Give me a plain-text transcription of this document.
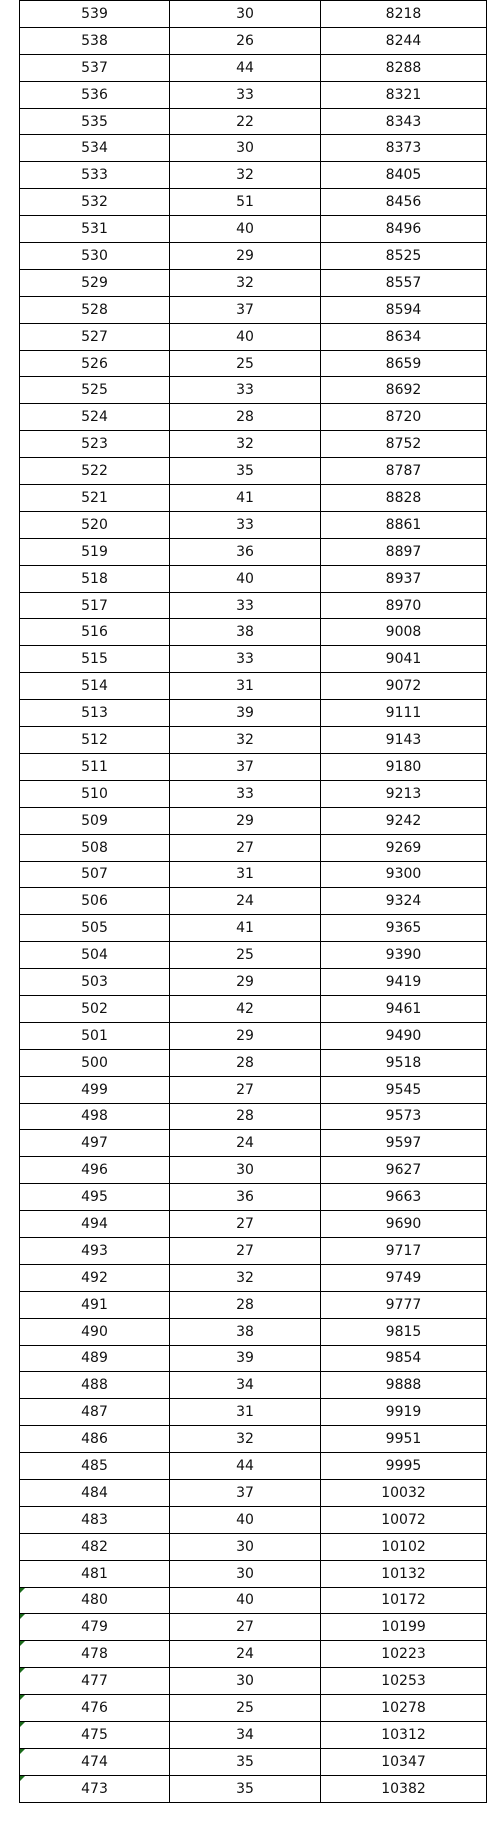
539	30	8218
538	26	8244
537	44	8288
536	33	8321
535	22	8343
534	30	8373
533	32	8405
532	51	8456
531	40	8496
530	29	8525
529	32	8557
528	37	8594
527	40	8634
526	25	8659
525	33	8692
524	28	8720
523	32	8752
522	35	8787
521	41	8828
520	33	8861
519	36	8897
518	40	8937
517	33	8970
516	38	9008
515	33	9041
514	31	9072
513	39	9111
512	32	9143
511	37	9180
510	33	9213
509	29	9242
508	27	9269
507	31	9300
506	24	9324
505	41	9365
504	25	9390
503	29	9419
502	42	9461
501	29	9490
500	28	9518
499	27	9545
498	28	9573
497	24	9597
496	30	9627
495	36	9663
494	27	9690
493	27	9717
492	32	9749
491	28	9777
490	38	9815
489	39	9854
488	34	9888
487	31	9919
486	32	9951
485	44	9995
484	37	10032
483	40	10072
482	30	10102
481	30	10132
480	40	10172
479	27	10199
478	24	10223
477	30	10253
476	25	10278
475	34	10312
474	35	10347
473	35	10382
